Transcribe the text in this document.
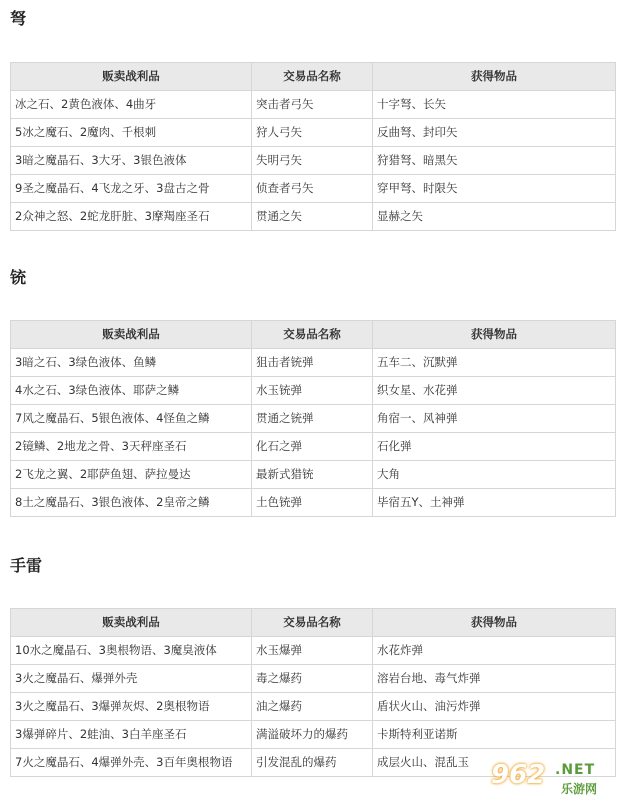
弩
贩卖战利品	交易品名称	获得物品
冰之石、2黄色液体、4曲牙	突击者弓矢	十字弩、长矢
5冰之魔石、2魔肉、千根刺	狩人弓矢	反曲弩、封印矢
3暗之魔晶石、3大牙、3银色液体	失明弓矢	狩猎弩、暗黑矢
9圣之魔晶石、4飞龙之牙、3盘古之骨	侦查者弓矢	穿甲弩、时限矢
2众神之怒、2蛇龙肝脏、3摩羯座圣石	贯通之矢	显赫之矢
铳
贩卖战利品	交易品名称	获得物品
3暗之石、3绿色液体、鱼鳞	狙击者铳弹	五车二、沉默弹
4水之石、3绿色液体、耶萨之鳞	水玉铳弹	织女星、水花弹
7风之魔晶石、5银色液体、4怪鱼之鳞	贯通之铳弹	角宿一、风神弹
2镜鳞、2地龙之骨、3天秤座圣石	化石之弹	石化弹
2飞龙之翼、2耶萨鱼翅、萨拉曼达	最新式猎铳	大角
8土之魔晶石、3银色液体、2皇帝之鳞	土色铳弹	毕宿五Y、土神弹
手雷
贩卖战利品	交易品名称	获得物品
10水之魔晶石、3奥根物语、3魔臭液体	水玉爆弹	水花炸弹
3火之魔晶石、爆弹外壳	毒之爆药	溶岩台地、毒气炸弹
3火之魔晶石、3爆弹灰烬、2奥根物语	油之爆药	盾状火山、油污炸弹
3爆弹碎片、2蛙油、3白羊座圣石	满溢破坏力的爆药	卡斯特利亚诺斯
7火之魔晶石、4爆弹外壳、3百年奥根物语	引发混乱的爆药	成层火山、混乱玉 962 .NET
乐游网
